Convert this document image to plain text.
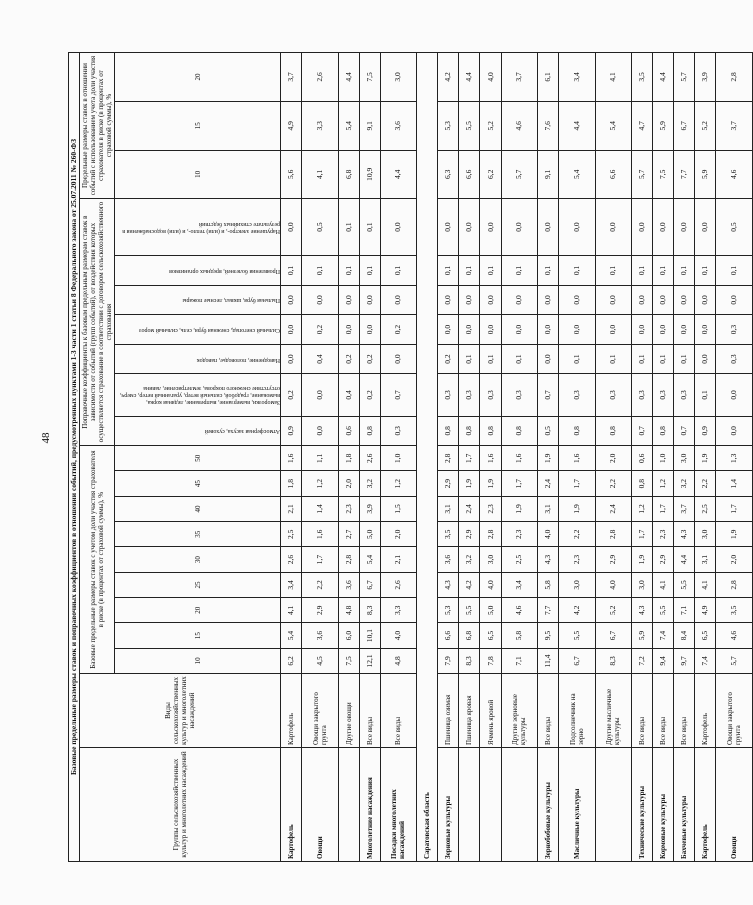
48 Базовые предельные размеры ставок и поправочных коэффициентов в отношении событий, предусмотренных пунктами 1-3 части 1 статьи 8 Федерального закона от 25.07.2011 № 260-ФЗ																				
Группы сельскохозяйственных культур и многолетних насаждений	Виды сельскохозяйственных культур и многолетних насаждений	Базовые предельные размеры ставок с учетом доли участия страхователя в риске (в процентах от страховой суммы), %									Поправочные коэффициенты к базовым предельным размерам ставок в зависимости от событий (групп событий), от воздействия которых осуществляется страхование в соответствии с договором сельскохозяйственного страхования							Предельные размеры ставок в отношении событий с использованием учета доли участия страхователя в риске (в процентах от страховой суммы), %		

											Атмосферная засуха, суховей	Заморозки, вымерзание, выпревание, ледяная корка, вымокание, градобой, сильный ветер, ураганный ветер, смерч, отсутствие снежного покрова, землетрясение, лавина	Наводнение, половодье, паводок	Сильный снегопад, снежная буря, сель, сильный мороз	Пыльная буря, шквал, лесные пожары	Проявления болезней, вредных организмов	Нарушение электро-, и (или) тепло-, и (или) водоснабжения в результате стихийных бедствий			

		10	15	20	25	30	35	40	45	50								10	15	20
Картофель	Картофель	6,2	5,4	4,1	3,4	2,6	2,5	2,1	1,8	1,6	0,9	0,2	0,0	0,0	0,0	0,1	0,0	5,6	4,9	3,7
Овощи	Овощи закрытого грунта	4,5	3,6	2,9	2,2	1,7	1,6	1,4	1,2	1,1	0,0	0,0	0,4	0,2	0,0	0,1	0,5	4,1	3,3	2,6
	Другие овощи	7,5	6,0	4,8	3,6	2,8	2,7	2,3	2,0	1,8	0,6	0,4	0,2	0,0	0,0	0,1	0,1	6,8	5,4	4,4
Многолетние насаждения	Все виды	12,1	10,1	8,3	6,7	5,4	5,0	3,9	3,2	2,6	0,8	0,2	0,2	0,0	0,0	0,1	0,1	10,9	9,1	7,5
Посадки многолетних насаждений	Все виды	4,8	4,0	3,3	2,6	2,1	2,0	1,5	1,2	1,0	0,3	0,7	0,0	0,2	0,0	0,1	0,0	4,4	3,6	3,0
Саратовская область																				
Зерновые культуры	Пшеница озимая	7,9	6,6	5,3	4,3	3,6	3,5	3,1	2,9	2,8	0,8	0,3	0,2	0,0	0,0	0,1	0,0	6,3	5,3	4,2
	Пшеница яровая	8,3	6,8	5,5	4,2	3,2	2,9	2,4	1,9	1,7	0,8	0,3	0,1	0,0	0,0	0,1	0,0	6,6	5,5	4,4
	Ячмень яровой	7,8	6,5	5,0	4,0	3,0	2,8	2,3	1,9	1,6	0,8	0,3	0,1	0,0	0,0	0,1	0,0	6,2	5,2	4,0
	Другие зерновые культуры	7,1	5,8	4,6	3,4	2,5	2,3	1,9	1,7	1,6	0,8	0,3	0,1	0,0	0,0	0,1	0,0	5,7	4,6	3,7
Зернобобовые культуры	Все виды	11,4	9,5	7,7	5,8	4,3	4,0	3,1	2,4	1,9	0,5	0,7	0,0	0,0	0,0	0,1	0,0	9,1	7,6	6,1
Масличные культуры	Подсолнечник на зерно	6,7	5,5	4,2	3,0	2,3	2,2	1,9	1,7	1,6	0,8	0,3	0,1	0,0	0,0	0,1	0,0	5,4	4,4	3,4
	Другие масличные культуры	8,3	6,7	5,2	4,0	2,9	2,8	2,4	2,2	2,0	0,8	0,3	0,1	0,0	0,0	0,1	0,0	6,6	5,4	4,1
Технические культуры	Все виды	7,2	5,9	4,3	3,0	1,9	1,7	1,2	0,8	0,6	0,7	0,3	0,1	0,0	0,0	0,1	0,0	5,7	4,7	3,5
Кормовые культуры	Все виды	9,4	7,4	5,5	4,1	2,9	2,3	1,7	1,2	1,0	0,8	0,3	0,1	0,0	0,0	0,1	0,0	7,5	5,9	4,4
Бахчевые культуры	Все виды	9,7	8,4	7,1	5,5	4,4	4,3	3,7	3,2	3,0	0,7	0,3	0,1	0,0	0,0	0,1	0,0	7,7	6,7	5,7
Картофель	Картофель	7,4	6,5	4,9	4,1	3,1	3,0	2,5	2,2	1,9	0,9	0,1	0,0	0,0	0,0	0,1	0,0	5,9	5,2	3,9
Овощи	Овощи закрытого грунта	5,7	4,6	3,5	2,8	2,0	1,9	1,7	1,4	1,3	0,0	0,0	0,3	0,3	0,0	0,1	0,5	4,6	3,7	2,8
